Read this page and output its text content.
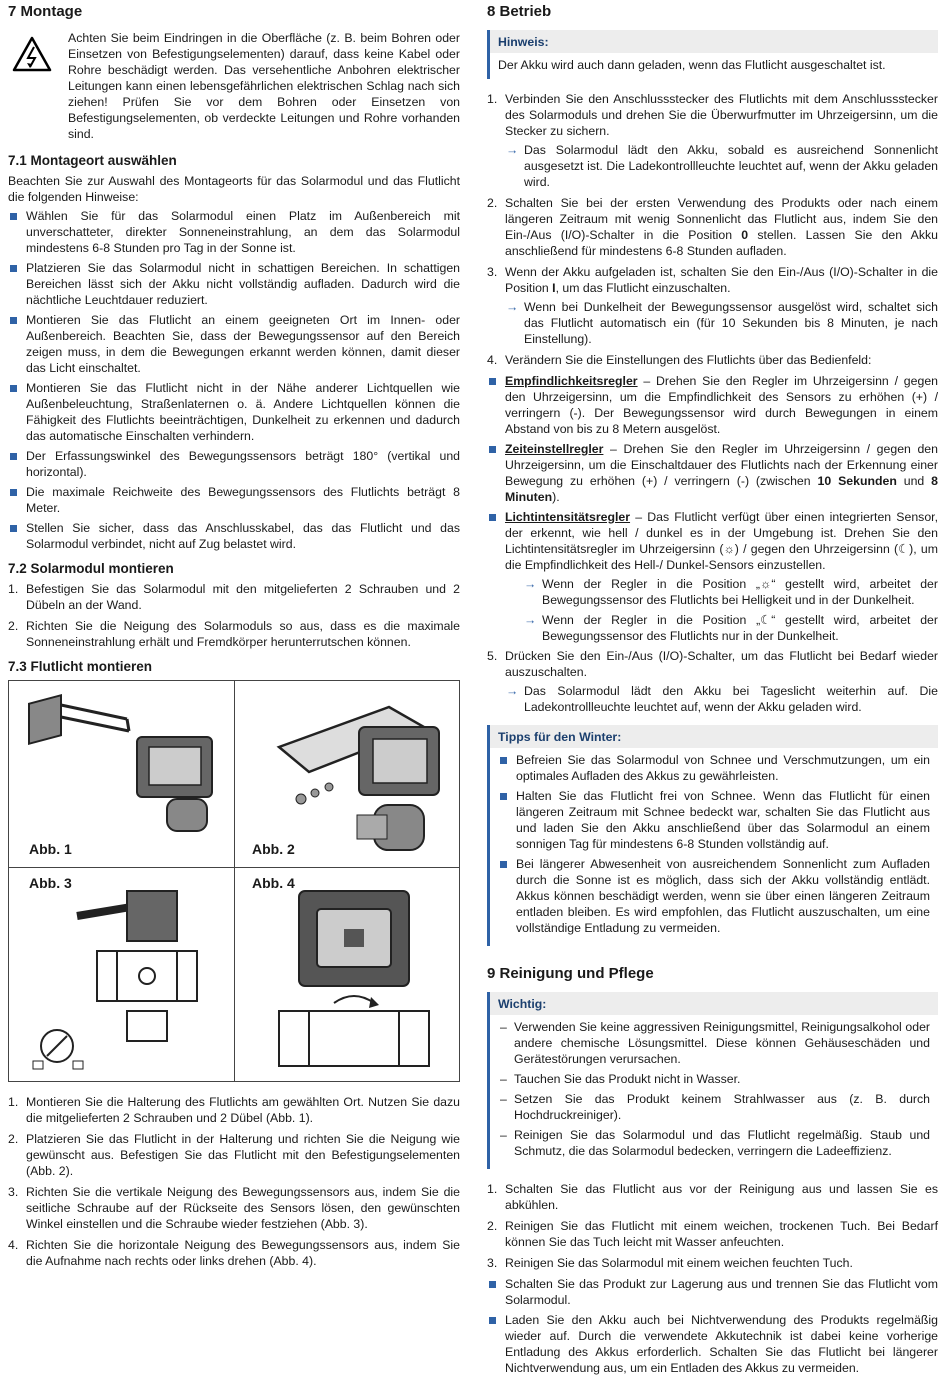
7 Montage

Achten Sie beim Eindringen in die Oberfläche (z. B. beim Bohren oder Einsetzen von Befestigungselementen) darauf, dass keine Kabel oder Rohre beschädigt werden. Das versehentliche Anbohren elektrischer Leitungen kann einen lebensgefährlichen elektrischen Schlag nach sich ziehen! Prüfen Sie vor dem Bohren oder Einsetzen von Befestigungselementen, ob verdeckte Leitungen und Rohre vorhanden sind.

7.1 Montageort auswählen

Beachten Sie zur Auswahl des Montageorts für das Solarmodul und das Flutlicht die folgenden Hinweise:

Wählen Sie für das Solarmodul einen Platz im Außenbereich mit unverschatteter, direkter Sonneneinstrahlung, an dem das Solarmodul mindestens 6-8 Stunden pro Tag in der Sonne ist.
Platzieren Sie das Solarmodul nicht in schattigen Bereichen. In schattigen Bereichen lässt sich der Akku nicht vollständig aufladen. Dadurch wird die nächtliche Leuchtdauer reduziert.
Montieren Sie das Flutlicht an einem geeigneten Ort im Innen- oder Außenbereich. Beachten Sie, dass der Bewegungssensor auf den Bereich zeigen muss, in dem die Bewegungen erkannt werden können, damit dieser das Licht einschaltet.
Montieren Sie das Flutlicht nicht in der Nähe anderer Lichtquellen wie Außenbeleuchtung, Straßenlaternen o. ä. Andere Lichtquellen können die Fähigkeit des Flutlichts beeinträchtigen, Dunkelheit zu erkennen und dadurch das automatische Einschalten verhindern.
Der Erfassungswinkel des Bewegungssensors beträgt 180° (vertikal und horizontal).
Die maximale Reichweite des Bewegungssensors des Flutlichts beträgt 8 Meter.
Stellen Sie sicher, dass das Anschlusskabel, das das Flutlicht und das Solarmodul verbindet, nicht auf Zug belastet wird.
7.2 Solarmodul montieren
1. Befestigen Sie das Solarmodul mit den mitgelieferten 2 Schrauben und 2 Dübeln an der Wand.
2. Richten Sie die Neigung des Solarmoduls so aus, dass es die maximale Sonneneinstrahlung erhält und Fremdkörper herunterrutschen können.
7.3 Flutlicht montieren
Abb. 1	Abb. 2
Abb. 3	Abb. 4
1. Montieren Sie die Halterung des Flutlichts am gewählten Ort. Nutzen Sie dazu die mitgelieferten 2 Schrauben und 2 Dübel (Abb. 1).
2. Platzieren Sie das Flutlicht in der Halterung und richten Sie die Neigung wie gewünscht aus. Befestigen Sie das Flutlicht mit den Befestigungselementen (Abb. 2).
3. Richten Sie die vertikale Neigung des Bewegungssensors aus, indem Sie die seitliche Schraube auf der Rückseite des Sensors lösen, den gewünschten Winkel einstellen und die Schraube wieder festziehen (Abb. 3).
4. Richten Sie die horizontale Neigung des Bewegungssensors aus, indem Sie die Aufnahme nach rechts oder links drehen (Abb. 4).
8 Betrieb
Hinweis:
Der Akku wird auch dann geladen, wenn das Flutlicht ausgeschaltet ist.
1. Verbinden Sie den Anschlussstecker des Flutlichts mit dem Anschlussstecker des Solarmoduls und drehen Sie die Überwurfmutter im Uhrzeigersinn, um die Stecker zu sichern.
→ Das Solarmodul lädt den Akku, sobald es ausreichend Sonnenlicht ausgesetzt ist. Die Ladekontrollleuchte leuchtet auf, wenn der Akku geladen wird.
2. Schalten Sie bei der ersten Verwendung des Produkts oder nach einem längeren Zeitraum mit wenig Sonnenlicht das Flutlicht aus, indem Sie den Ein-/Aus (I/O)-Schalter in die Position 0 stellen. Lassen Sie den Akku anschließend für mindestens 6-8 Stunden aufladen.
3. Wenn der Akku aufgeladen ist, schalten Sie den Ein-/Aus (I/O)-Schalter in die Position I, um das Flutlicht einzuschalten.
→ Wenn bei Dunkelheit der Bewegungssensor ausgelöst wird, schaltet sich das Flutlicht automatisch ein (für 10 Sekunden bis 8 Minuten, je nach Einstellung).
4. Verändern Sie die Einstellungen des Flutlichts über das Bedienfeld:
Empfindlichkeitsregler – Drehen Sie den Regler im Uhrzeigersinn / gegen den Uhrzeigersinn, um die Empfindlichkeit des Sensors zu erhöhen (+) / verringern (-). Der Bewegungssensor wird durch Bewegungen in einem Abstand von bis zu 8 Metern ausgelöst.
Zeiteinstellregler – Drehen Sie den Regler im Uhrzeigersinn / gegen den Uhrzeigersinn, um die Einschaltdauer des Flutlichts nach der Erkennung einer Bewegung zu erhöhen (+) / verringern (-) (zwischen 10 Sekunden und 8 Minuten).
Lichtintensitätsregler – Das Flutlicht verfügt über einen integrierten Sensor, der erkennt, wie hell / dunkel es in der Umgebung ist. Drehen Sie den Lichtintensitätsregler im Uhrzeigersinn (☼) / gegen den Uhrzeigersinn (☾), um die Empfindlichkeit des Hell-/ Dunkel-Sensors einzustellen.
→ Wenn der Regler in die Position „☼“ gestellt wird, arbeitet der Bewegungssensor des Flutlichts bei Helligkeit und in der Dunkelheit.
→ Wenn der Regler in die Position „☾“ gestellt wird, arbeitet der Bewegungssensor des Flutlichts nur in der Dunkelheit.
5. Drücken Sie den Ein-/Aus (I/O)-Schalter, um das Flutlicht bei Bedarf wieder auszuschalten.
→ Das Solarmodul lädt den Akku bei Tageslicht weiterhin auf. Die Ladekontrollleuchte leuchtet auf, wenn der Akku geladen wird.
Tipps für den Winter:
Befreien Sie das Solarmodul von Schnee und Verschmutzungen, um ein optimales Aufladen des Akkus zu gewährleisten.
Halten Sie das Flutlicht frei von Schnee. Wenn das Flutlicht für einen längeren Zeitraum mit Schnee bedeckt war, schalten Sie das Flutlicht aus und laden Sie den Akku anschließend über das Solarmodul an einem sonnigen Tag für mindestens 6-8 Stunden vollständig auf.
Bei längerer Abwesenheit von ausreichendem Sonnenlicht zum Aufladen durch die Sonne ist es möglich, dass sich der Akku vollständig entlädt. Akkus können beschädigt werden, wenn sie über einen längeren Zeitraum entladen bleiben. Es wird empfohlen, das Flutlicht auszuschalten, um eine vollständige Entladung zu vermeiden.
9 Reinigung und Pflege
Wichtig:
– Verwenden Sie keine aggressiven Reinigungsmittel, Reinigungsalkohol oder andere chemische Lösungsmittel. Diese können Gehäuseschäden und Gerätestörungen verursachen.
– Tauchen Sie das Produkt nicht in Wasser.
– Setzen Sie das Produkt keinem Strahlwasser aus (z. B. durch Hochdruckreiniger).
– Reinigen Sie das Solarmodul und das Flutlicht regelmäßig. Staub und Schmutz, die das Solarmodul bedecken, verringern die Ladeeffizienz.
1. Schalten Sie das Flutlicht aus vor der Reinigung aus und lassen Sie es abkühlen.
2. Reinigen Sie das Flutlicht mit einem weichen, trockenen Tuch. Bei Bedarf können Sie das Tuch leicht mit Wasser anfeuchten.
3. Reinigen Sie das Solarmodul mit einem weichen feuchten Tuch.
Schalten Sie das Produkt zur Lagerung aus und trennen Sie das Flutlicht vom Solarmodul.
Laden Sie den Akku auch bei Nichtverwendung des Produkts regelmäßig wieder auf. Durch die verwendete Akkutechnik ist dabei keine vorherige Entladung des Akkus erforderlich. Schalten Sie das Flutlicht bei längerer Nichtverwendung aus, um ein Entladen des Akkus zu vermeiden.
